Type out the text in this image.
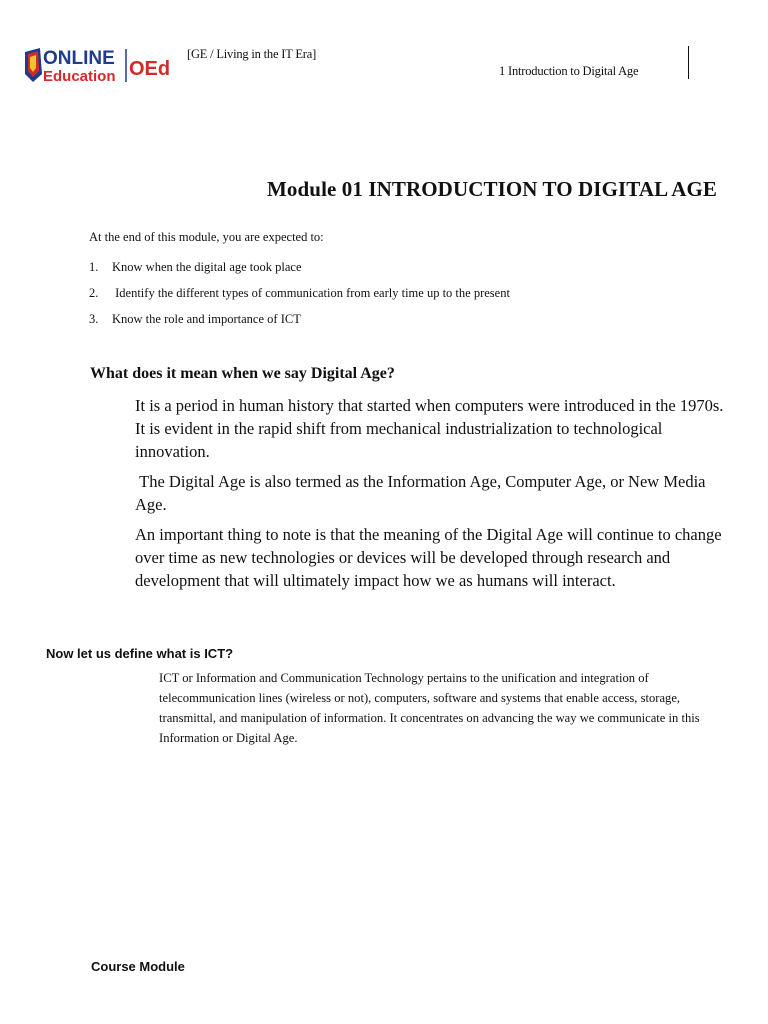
ONLINE
Education OEd
[GE / Living in the IT Era]
1 Introduction to Digital Age
Module 01 INTRODUCTION TO DIGITAL AGE
At the end of this module, you are expected to:
1. Know when the digital age took place
2. Identify the different types of communication from early time up to the present
3. Know the role and importance of ICT
What does it mean when we say Digital Age?

It is a period in human history that started when computers were introduced in the 1970s. It is evident in the rapid shift from mechanical industrialization to technological innovation.

The Digital Age is also termed as the Information Age, Computer Age, or New Media Age.

An important thing to note is that the meaning of the Digital Age will continue to change over time as new technologies or devices will be developed through research and development that will ultimately impact how we as humans will interact.

Now let us define what is ICT?

ICT or Information and Communication Technology pertains to the unification and integration of telecommunication lines (wireless or not), computers, software and systems that enable access, storage, transmittal, and manipulation of information. It concentrates on advancing the way we communicate in this Information or Digital Age.

Course Module
